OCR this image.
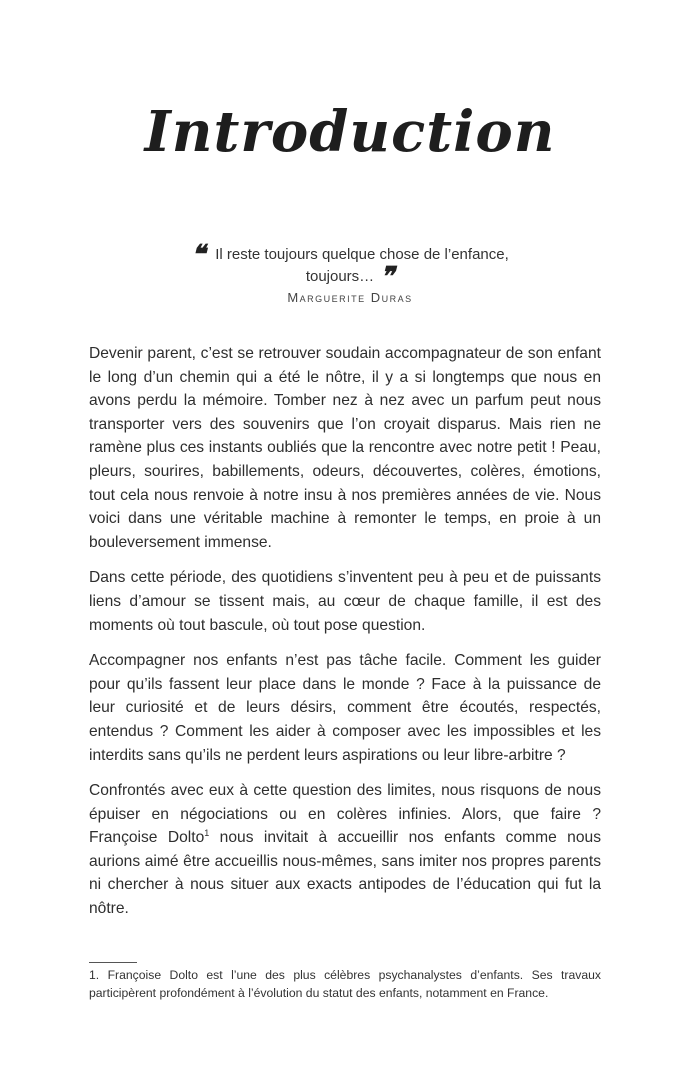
Introduction
❝ Il reste toujours quelque chose de l’enfance,
toujours… ❞
Marguerite Duras

Devenir parent, c’est se retrouver soudain accompagnateur de son enfant le long d’un chemin qui a été le nôtre, il y a si longtemps que nous en avons perdu la mémoire. Tomber nez à nez avec un parfum peut nous transporter vers des souvenirs que l’on croyait disparus. Mais rien ne ramène plus ces instants oubliés que la rencontre avec notre petit ! Peau, pleurs, sourires, babillements, odeurs, découvertes, colères, émotions, tout cela nous renvoie à notre insu à nos premières années de vie. Nous voici dans une véritable machine à remonter le temps, en proie à un bouleversement immense.

Dans cette période, des quotidiens s’inventent peu à peu et de puissants liens d’amour se tissent mais, au cœur de chaque famille, il est des moments où tout bascule, où tout pose question.

Accompagner nos enfants n’est pas tâche facile. Comment les guider pour qu’ils fassent leur place dans le monde ? Face à la puissance de leur curiosité et de leurs désirs, comment être écoutés, respectés, entendus ? Comment les aider à composer avec les impossibles et les interdits sans qu’ils ne perdent leurs aspirations ou leur libre-arbitre ?

Confrontés avec eux à cette question des limites, nous risquons de nous épuiser en négociations ou en colères infinies. Alors, que faire ? Françoise Dolto$^1$ nous invitait à accueillir nos enfants comme nous aurions aimé être accueillis nous-mêmes, sans imiter nos propres parents ni chercher à nous situer aux exacts antipodes de l’éducation qui fut la nôtre.

1. Françoise Dolto est l’une des plus célèbres psychanalystes d’enfants. Ses travaux participèrent profondément à l’évolution du statut des enfants, notamment en France.
